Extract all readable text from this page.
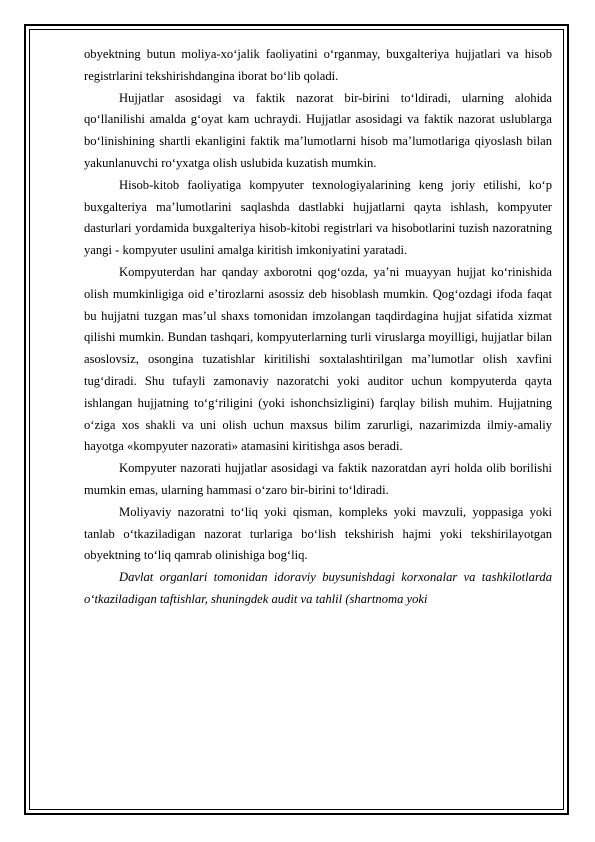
obyektning butun moliya-xo‘jalik faoliyatini o‘rganmay, buxgalteriya hujjatlari va hisob registrlarini tekshirishdangina iborat bo‘lib qoladi.

Hujjatlar asosidagi va faktik nazorat bir-birini to‘ldiradi, ularning alohida qo‘llanilishi amalda g‘oyat kam uchraydi. Hujjatlar asosidagi va faktik nazorat uslublarga bo‘linishining shartli ekanligini faktik ma’lumotlarni hisob ma’lumotlariga qiyoslash bilan yakunlanuvchi ro‘yxatga olish uslubida kuzatish mumkin.

Hisob-kitob faoliyatiga kompyuter texnologiyalarining keng joriy etilishi, ko‘p buxgalteriya ma’lumotlarini saqlashda dastlabki hujjatlarni qayta ishlash, kompyuter dasturlari yordamida buxgalteriya hisob-kitobi registrlari va hisobotlarini tuzish nazoratning yangi - kompyuter usulini amalga kiritish imkoniyatini yaratadi.

Kompyuterdan har qanday axborotni qog‘ozda, ya’ni muayyan hujjat ko‘rinishida olish mumkinligiga oid e’tirozlarni asossiz deb hisoblash mumkin. Qog‘ozdagi ifoda faqat bu hujjatni tuzgan mas’ul shaxs tomonidan imzolangan taqdirdagina hujjat sifatida xizmat qilishi mumkin. Bundan tashqari, kompyuterlarning turli viruslarga moyilligi, hujjatlar bilan asoslovsiz, osongina tuzatishlar kiritilishi soxtalashtirilgan ma’lumotlar olish xavfini tug‘diradi. Shu tufayli zamonaviy nazoratchi yoki auditor uchun kompyuterda qayta ishlangan hujjatning to‘g‘riligini (yoki ishonchsizligini) farqlay bilish muhim. Hujjatning o‘ziga xos shakli va uni olish uchun maxsus bilim zarurligi, nazarimizda ilmiy-amaliy hayotga «kompyuter nazorati» atamasini kiritishga asos beradi.

Kompyuter nazorati hujjatlar asosidagi va faktik nazoratdan ayri holda olib borilishi mumkin emas, ularning hammasi o‘zaro bir-birini to‘ldiradi.

Moliyaviy nazoratni to‘liq yoki qisman, kompleks yoki mavzuli, yoppasiga yoki tanlab o‘tkaziladigan nazorat turlariga bo‘lish tekshirish hajmi yoki tekshirilayotgan obyektning to‘liq qamrab olinishiga bog‘liq.

Davlat organlari tomonidan idoraviy buysunishdagi korxonalar va tashkilotlarda o‘tkaziladigan taftishlar, shuningdek audit va tahlil (shartnoma yoki
